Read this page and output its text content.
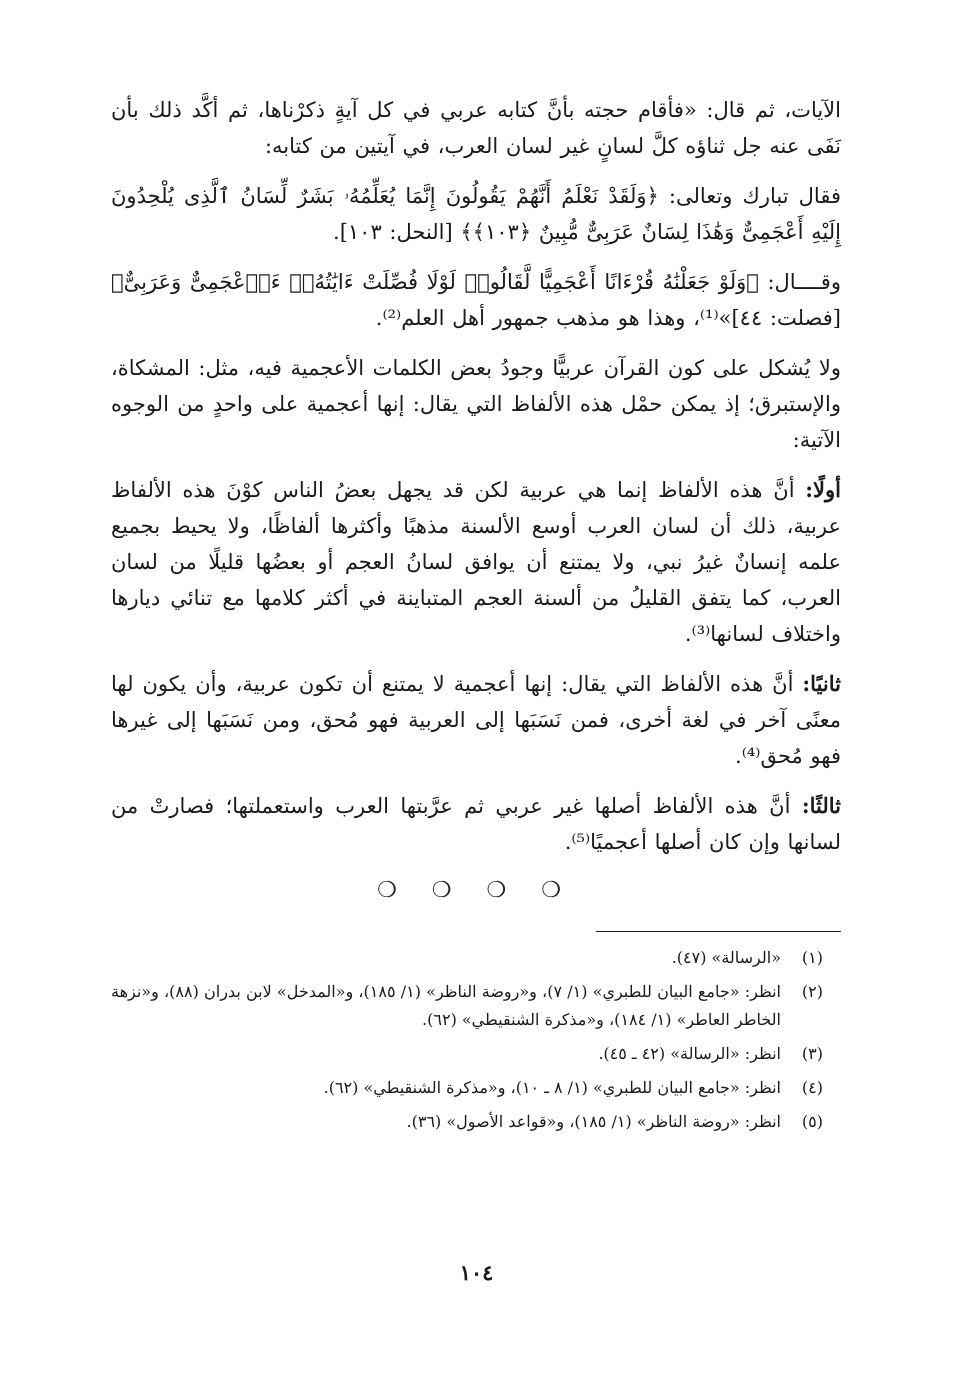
الآيات، ثم قال: «فأقام حجته بأنَّ كتابه عربي في كل آيةٍ ذكرْناها، ثم أكَّد ذلك بأن نَفَى عنه جل ثناؤه كلَّ لسانٍ غير لسان العرب، في آيتين من كتابه:

فقال تبارك وتعالى: ﴿وَلَقَدْ نَعْلَمُ أَنَّهُمْ يَقُولُونَ إِنَّمَا يُعَلِّمُهُۥ بَشَرٌ لِّسَانُ ٱلَّذِى يُلْحِدُونَ إِلَيْهِ أَعْجَمِىٌّ وَهَٰذَا لِسَانٌ عَرَبِىٌّ مُّبِينٌ ﴿١٠٣﴾﴾ [النحل: ١٠٣].

وقــــال: ﴿وَلَوْ جَعَلْنَٰهُ قُرْءَانًا أَعْجَمِيًّا لَّقَالُوا۟ لَوْلَا فُصِّلَتْ ءَايَٰتُهُۥٓ ءَا۬عْجَمِىٌّ وَعَرَبِىٌّ﴾ [فصلت: ٤٤]»⁽¹⁾، وهذا هو مذهب جمهور أهل العلم⁽²⁾.

ولا يُشكل على كون القرآن عربيًّا وجودُ بعض الكلمات الأعجمية فيه، مثل: المشكاة، والإستبرق؛ إذ يمكن حمْل هذه الألفاظ التي يقال: إنها أعجمية على واحدٍ من الوجوه الآتية:

أولًا: أنَّ هذه الألفاظ إنما هي عربية لكن قد يجهل بعضُ الناس كوْنَ هذه الألفاظ عربية، ذلك أن لسان العرب أوسع الألسنة مذهبًا وأكثرها ألفاظًا، ولا يحيط بجميع علمه إنسانٌ غيرُ نبي، ولا يمتنع أن يوافق لسانُ العجم أو بعضُها قليلًا من لسان العرب، كما يتفق القليلُ من ألسنة العجم المتباينة في أكثر كلامها مع تنائي ديارها واختلاف لسانها⁽³⁾.

ثانيًا: أنَّ هذه الألفاظ التي يقال: إنها أعجمية لا يمتنع أن تكون عربية، وأن يكون لها معنًى آخر في لغة أخرى، فمن نَسَبَها إلى العربية فهو مُحق، ومن نَسَبَها إلى غيرها فهو مُحق⁽⁴⁾.

ثالثًا: أنَّ هذه الألفاظ أصلها غير عربي ثم عرَّبتها العرب واستعملتها؛ فصارتْ من لسانها وإن كان أصلها أعجميًا⁽⁵⁾.

❍ ❍ ❍ ❍
(١)
«الرسالة» (٤٧).
(٢)
انظر: «جامع البيان للطبري» (١/ ٧)، و«روضة الناظر» (١/ ١٨٥)، و«المدخل» لابن بدران (٨٨)، و«نزهة الخاطر العاطر» (١/ ١٨٤)، و«مذكرة الشنقيطي» (٦٢).
(٣)
انظر: «الرسالة» (٤٢ ـ ٤٥).
(٤)
انظر: «جامع البيان للطبري» (١/ ٨ ـ ١٠)، و«مذكرة الشنقيطي» (٦٢).
(٥)
انظر: «روضة الناظر» (١/ ١٨٥)، و«قواعد الأصول» (٣٦).
١٠٤
